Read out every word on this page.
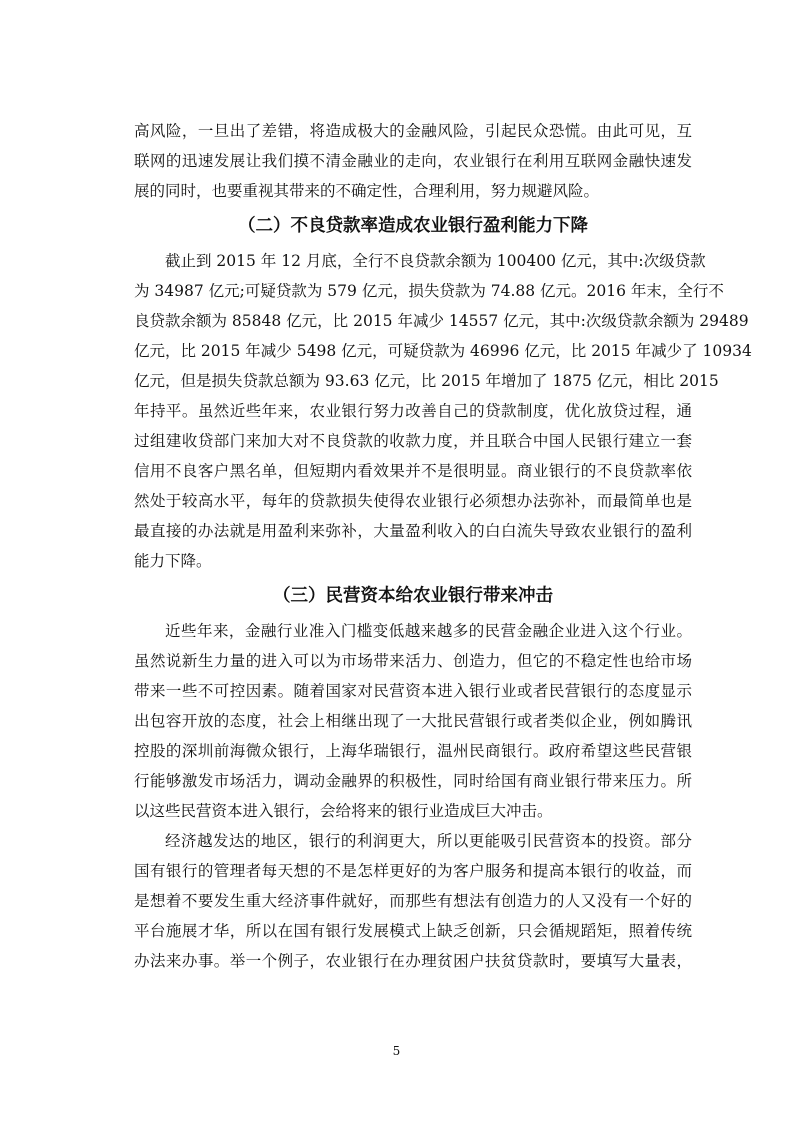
高风险，一旦出了差错，将造成极大的金融风险，引起民众恐慌。由此可见，互
联网的迅速发展让我们摸不清金融业的走向，农业银行在利用互联网金融快速发
展的同时，也要重视其带来的不确定性，合理利用，努力规避风险。
（二）不良贷款率造成农业银行盈利能力下降
截止到 2015 年 12 月底，全行不良贷款余额为 100400 亿元，其中:次级贷款
为 34987 亿元;可疑贷款为 579 亿元，损失贷款为 74.88 亿元。2016 年末，全行不
良贷款余额为 85848 亿元，比 2015 年减少 14557 亿元，其中:次级贷款余额为 29489
亿元，比 2015 年减少 5498 亿元，可疑贷款为 46996 亿元，比 2015 年减少了 10934
亿元，但是损失贷款总额为 93.63 亿元，比 2015 年增加了 1875 亿元，相比 2015
年持平。虽然近些年来，农业银行努力改善自己的贷款制度，优化放贷过程，通
过组建收贷部门来加大对不良贷款的收款力度，并且联合中国人民银行建立一套
信用不良客户黑名单，但短期内看效果并不是很明显。商业银行的不良贷款率依
然处于较高水平，每年的贷款损失使得农业银行必须想办法弥补，而最简单也是
最直接的办法就是用盈利来弥补，大量盈利收入的白白流失导致农业银行的盈利
能力下降。
（三）民营资本给农业银行带来冲击
近些年来，金融行业准入门槛变低越来越多的民营金融企业进入这个行业。
虽然说新生力量的进入可以为市场带来活力、创造力，但它的不稳定性也给市场
带来一些不可控因素。随着国家对民营资本进入银行业或者民营银行的态度显示
出包容开放的态度，社会上相继出现了一大批民营银行或者类似企业，例如腾讯
控股的深圳前海微众银行，上海华瑞银行，温州民商银行。政府希望这些民营银
行能够激发市场活力，调动金融界的积极性，同时给国有商业银行带来压力。所
以这些民营资本进入银行，会给将来的银行业造成巨大冲击。
经济越发达的地区，银行的利润更大，所以更能吸引民营资本的投资。部分
国有银行的管理者每天想的不是怎样更好的为客户服务和提高本银行的收益，而
是想着不要发生重大经济事件就好，而那些有想法有创造力的人又没有一个好的
平台施展才华，所以在国有银行发展模式上缺乏创新，只会循规蹈矩，照着传统
办法来办事。举一个例子，农业银行在办理贫困户扶贫贷款时，要填写大量表，
5
